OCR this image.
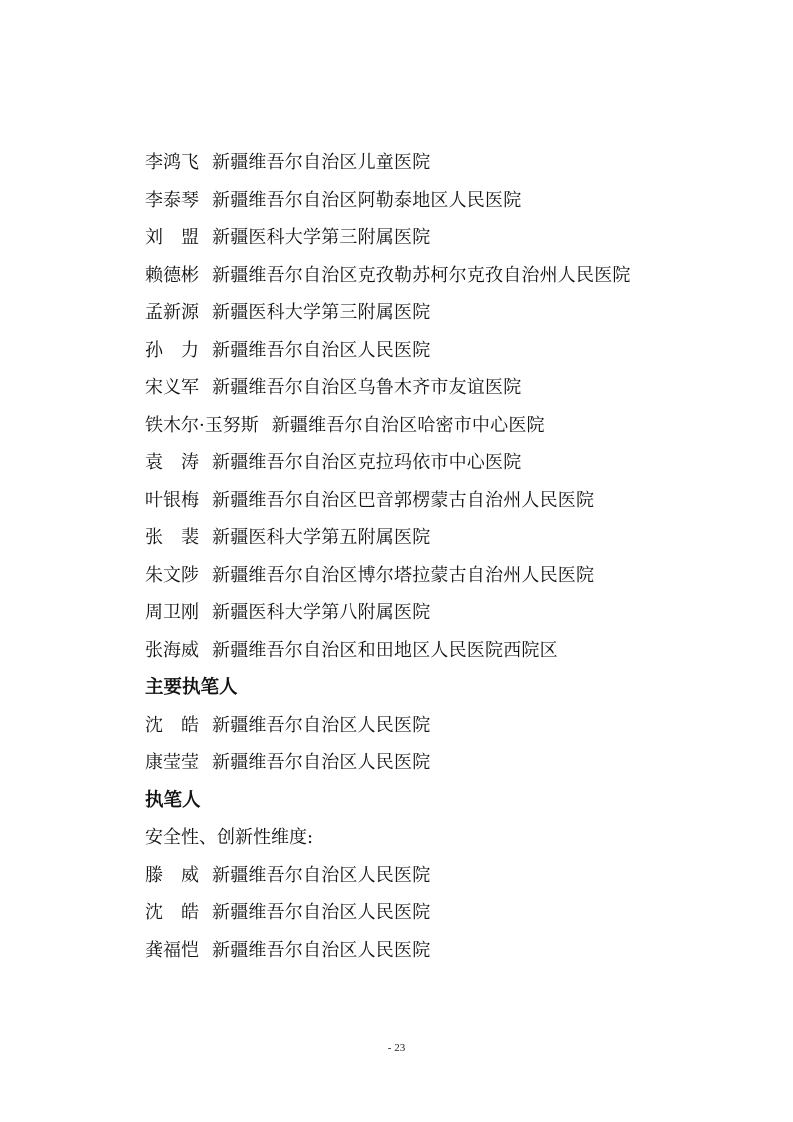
李鸿飞 新疆维吾尔自治区儿童医院
李泰琴 新疆维吾尔自治区阿勒泰地区人民医院
刘 盟 新疆医科大学第三附属医院
赖德彬 新疆维吾尔自治区克孜勒苏柯尔克孜自治州人民医院
孟新源 新疆医科大学第三附属医院
孙 力 新疆维吾尔自治区人民医院
宋义军 新疆维吾尔自治区乌鲁木齐市友谊医院
铁木尔·玉努斯 新疆维吾尔自治区哈密市中心医院
袁 涛 新疆维吾尔自治区克拉玛依市中心医院
叶银梅 新疆维吾尔自治区巴音郭楞蒙古自治州人民医院
张 裴 新疆医科大学第五附属医院
朱文陟 新疆维吾尔自治区博尔塔拉蒙古自治州人民医院
周卫刚 新疆医科大学第八附属医院
张海威 新疆维吾尔自治区和田地区人民医院西院区
主要执笔人
沈 皓 新疆维吾尔自治区人民医院
康莹莹 新疆维吾尔自治区人民医院
执笔人
安全性、创新性维度:
滕 威 新疆维吾尔自治区人民医院
沈 皓 新疆维吾尔自治区人民医院
龚福恺 新疆维吾尔自治区人民医院
- 23
